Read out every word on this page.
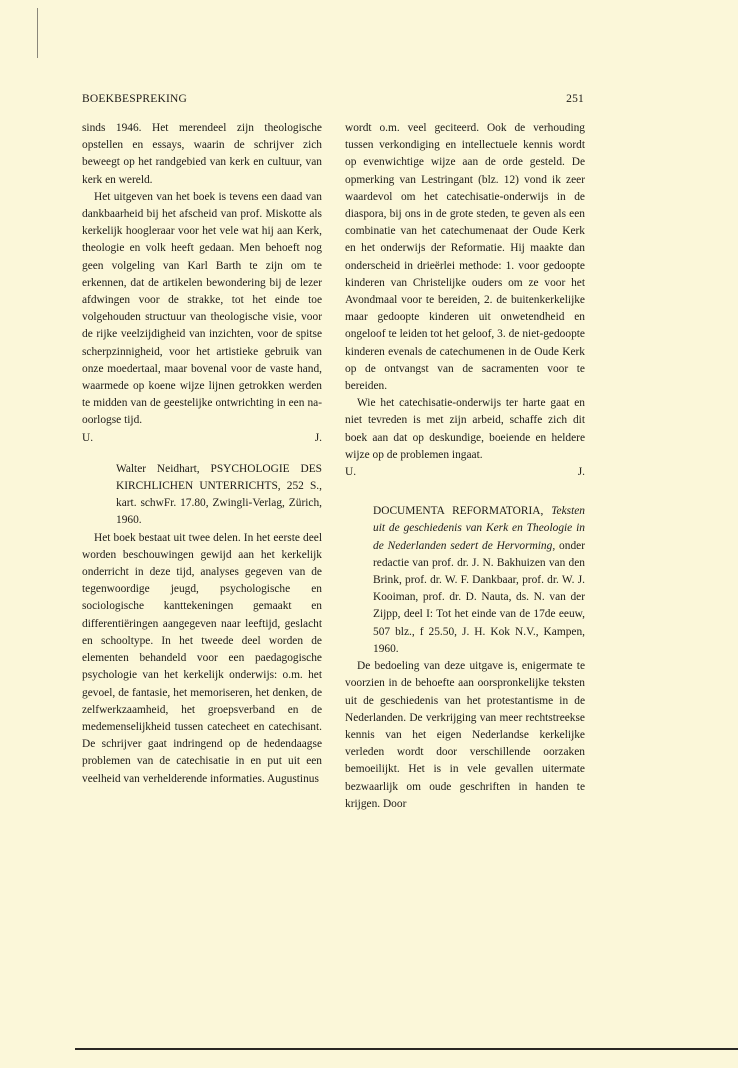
BOEKBESPREKING	251

sinds 1946. Het merendeel zijn theologische opstellen en essays, waarin de schrijver zich beweegt op het randgebied van kerk en cultuur, van kerk en wereld.

Het uitgeven van het boek is tevens een daad van dankbaarheid bij het afscheid van prof. Miskotte als kerkelijk hoogleraar voor het vele wat hij aan Kerk, theologie en volk heeft gedaan. Men behoeft nog geen volgeling van Karl Barth te zijn om te erkennen, dat de artikelen bewondering bij de lezer afdwingen voor de strakke, tot het einde toe volgehouden structuur van theologische visie, voor de rijke veelzijdigheid van inzichten, voor de spitse scherpzinnigheid, voor het artistieke gebruik van onze moedertaal, maar bovenal voor de vaste hand, waarmede op koene wijze lijnen getrokken werden te midden van de geestelijke ontwrichting in een na-oorlogse tijd.

U.	J.
Walter Neidhart, PSYCHOLOGIE DES KIRCHLICHEN UNTERRICHTS, 252 S., kart. schwFr. 17.80, Zwingli-Verlag, Zürich, 1960.

Het boek bestaat uit twee delen. In het eerste deel worden beschouwingen gewijd aan het kerkelijk onderricht in deze tijd, analyses gegeven van de tegenwoordige jeugd, psychologische en sociologische kanttekeningen gemaakt en differentiëringen aangegeven naar leeftijd, geslacht en schooltype. In het tweede deel worden de elementen behandeld voor een paedagogische psychologie van het kerkelijk onderwijs: o.m. het gevoel, de fantasie, het memoriseren, het denken, de zelfwerkzaamheid, het groepsverband en de medemenselijkheid tussen catecheet en catechisant. De schrijver gaat indringend op de hedendaagse problemen van de catechisatie in en put uit een veelheid van verhelderende informaties. Augustinus

wordt o.m. veel geciteerd. Ook de verhouding tussen verkondiging en intellectuele kennis wordt op evenwichtige wijze aan de orde gesteld. De opmerking van Lestringant (blz. 12) vond ik zeer waardevol om het catechisatie-onderwijs in de diaspora, bij ons in de grote steden, te geven als een combinatie van het catechumenaat der Oude Kerk en het onderwijs der Reformatie. Hij maakte dan onderscheid in drieërlei methode: 1. voor gedoopte kinderen van Christelijke ouders om ze voor het Avondmaal voor te bereiden, 2. de buitenkerkelijke maar gedoopte kinderen uit onwetendheid en ongeloof te leiden tot het geloof, 3. de niet-gedoopte kinderen evenals de catechumenen in de Oude Kerk op de ontvangst van de sacramenten voor te bereiden.

Wie het catechisatie-onderwijs ter harte gaat en niet tevreden is met zijn arbeid, schaffe zich dit boek aan dat op deskundige, boeiende en heldere wijze op de problemen ingaat.

U.	J.
DOCUMENTA REFORMATORIA, Teksten uit de geschiedenis van Kerk en Theologie in de Nederlanden sedert de Hervorming, onder redactie van prof. dr. J. N. Bakhuizen van den Brink, prof. dr. W. F. Dankbaar, prof. dr. W. J. Kooiman, prof. dr. D. Nauta, ds. N. van der Zijpp, deel I: Tot het einde van de 17de eeuw, 507 blz., f 25.50, J. H. Kok N.V., Kampen, 1960.

De bedoeling van deze uitgave is, enigermate te voorzien in de behoefte aan oorspronkelijke teksten uit de geschiedenis van het protestantisme in de Nederlanden. De verkrijging van meer rechtstreekse kennis van het eigen Nederlandse kerkelijke verleden wordt door verschillende oorzaken bemoeilijkt. Het is in vele gevallen uitermate bezwaarlijk om oude geschriften in handen te krijgen. Door
